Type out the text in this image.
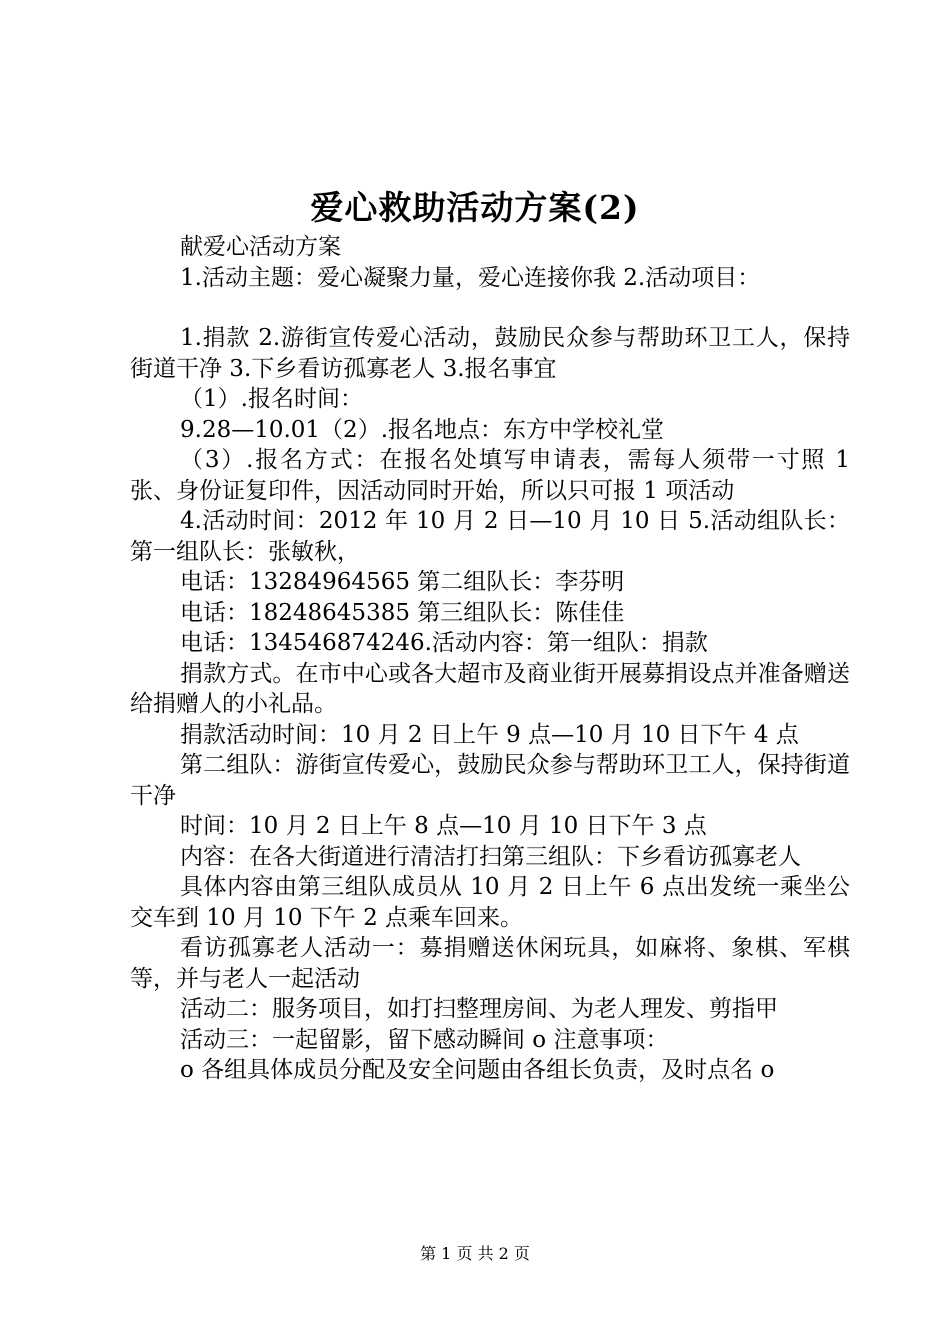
爱心救助活动方案(2)

献爱心活动方案

1.活动主题：爱心凝聚力量，爱心连接你我 2.活动项目：

1.捐款 2.游街宣传爱心活动，鼓励民众参与帮助环卫工人，保持街道干净 3.下乡看访孤寡老人 3.报名事宜

（1）.报名时间：

9.28—10.01（2）.报名地点：东方中学校礼堂

（3）.报名方式：在报名处填写申请表，需每人须带一寸照 1 张、身份证复印件，因活动同时开始，所以只可报 1 项活动

4.活动时间：2012 年 10 月 2 日—10 月 10 日 5.活动组队长：第一组队长：张敏秋，

电话：13284964565 第二组队长：李芬明

电话：18248645385 第三组队长：陈佳佳

电话：134546874246.活动内容：第一组队：捐款

捐款方式。在市中心或各大超市及商业街开展募捐设点并准备赠送给捐赠人的小礼品。

捐款活动时间：10 月 2 日上午 9 点—10 月 10 日下午 4 点

第二组队：游街宣传爱心，鼓励民众参与帮助环卫工人，保持街道干净

时间：10 月 2 日上午 8 点—10 月 10 日下午 3 点

内容：在各大街道进行清洁打扫第三组队：下乡看访孤寡老人

具体内容由第三组队成员从 10 月 2 日上午 6 点出发统一乘坐公交车到 10 月 10 下午 2 点乘车回来。

看访孤寡老人活动一：募捐赠送休闲玩具，如麻将、象棋、军棋等，并与老人一起活动

活动二：服务项目，如打扫整理房间、为老人理发、剪指甲

活动三：一起留影，留下感动瞬间 o 注意事项：

o 各组具体成员分配及安全问题由各组长负责，及时点名 o

第 1 页 共 2 页
